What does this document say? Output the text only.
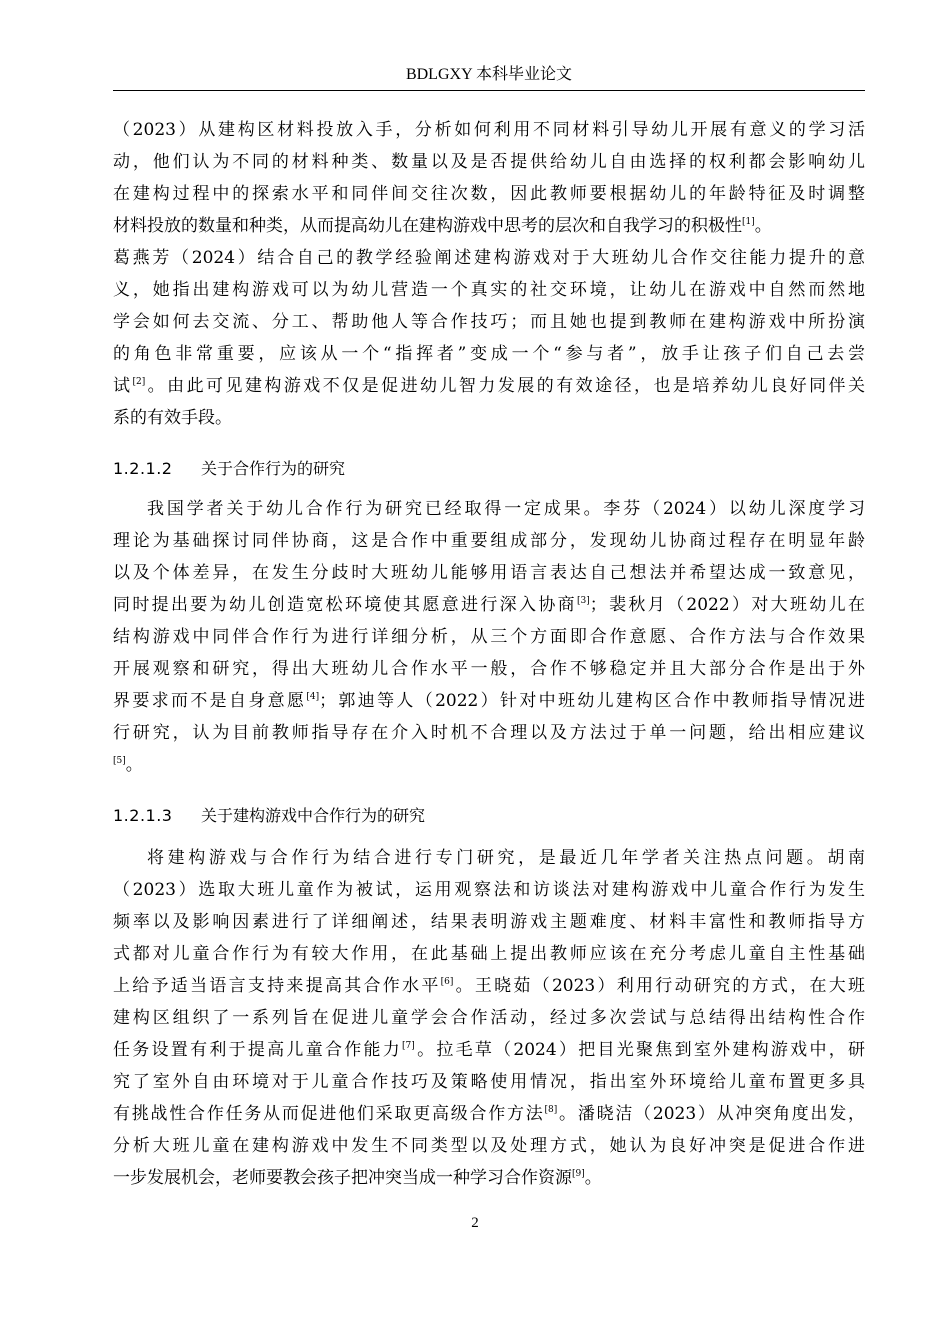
BDLGXY 本科毕业论文
（2023）从建构区材料投放入手，分析如何利用不同材料引导幼儿开展有意义的学习活
动，他们认为不同的材料种类、数量以及是否提供给幼儿自由选择的权利都会影响幼儿
在建构过程中的探索水平和同伴间交往次数，因此教师要根据幼儿的年龄特征及时调整
材料投放的数量和种类，从而提高幼儿在建构游戏中思考的层次和自我学习的积极性[1]。
葛燕芳（2024）结合自己的教学经验阐述建构游戏对于大班幼儿合作交往能力提升的意
义，她指出建构游戏可以为幼儿营造一个真实的社交环境，让幼儿在游戏中自然而然地
学会如何去交流、分工、帮助他人等合作技巧；而且她也提到教师在建构游戏中所扮演
的角色非常重要，应该从一个“指挥者”变成一个“参与者”，放手让孩子们自己去尝
试[2]。由此可见建构游戏不仅是促进幼儿智力发展的有效途径，也是培养幼儿良好同伴关
系的有效手段。
1.2.1.2 关于合作行为的研究
我国学者关于幼儿合作行为研究已经取得一定成果。李芬（2024）以幼儿深度学习
理论为基础探讨同伴协商，这是合作中重要组成部分，发现幼儿协商过程存在明显年龄
以及个体差异，在发生分歧时大班幼儿能够用语言表达自己想法并希望达成一致意见，
同时提出要为幼儿创造宽松环境使其愿意进行深入协商[3]；裴秋月（2022）对大班幼儿在
结构游戏中同伴合作行为进行详细分析，从三个方面即合作意愿、合作方法与合作效果
开展观察和研究，得出大班幼儿合作水平一般，合作不够稳定并且大部分合作是出于外
界要求而不是自身意愿[4]；郭迪等人（2022）针对中班幼儿建构区合作中教师指导情况进
行研究，认为目前教师指导存在介入时机不合理以及方法过于单一问题，给出相应建议
[5]。
1.2.1.3 关于建构游戏中合作行为的研究
将建构游戏与合作行为结合进行专门研究，是最近几年学者关注热点问题。胡南
（2023）选取大班儿童作为被试，运用观察法和访谈法对建构游戏中儿童合作行为发生
频率以及影响因素进行了详细阐述，结果表明游戏主题难度、材料丰富性和教师指导方
式都对儿童合作行为有较大作用，在此基础上提出教师应该在充分考虑儿童自主性基础
上给予适当语言支持来提高其合作水平[6]。王晓茹（2023）利用行动研究的方式，在大班
建构区组织了一系列旨在促进儿童学会合作活动，经过多次尝试与总结得出结构性合作
任务设置有利于提高儿童合作能力[7]。拉毛草（2024）把目光聚焦到室外建构游戏中，研
究了室外自由环境对于儿童合作技巧及策略使用情况，指出室外环境给儿童布置更多具
有挑战性合作任务从而促进他们采取更高级合作方法[8]。潘晓洁（2023）从冲突角度出发，
分析大班儿童在建构游戏中发生不同类型以及处理方式，她认为良好冲突是促进合作进
一步发展机会，老师要教会孩子把冲突当成一种学习合作资源[9]。
2
